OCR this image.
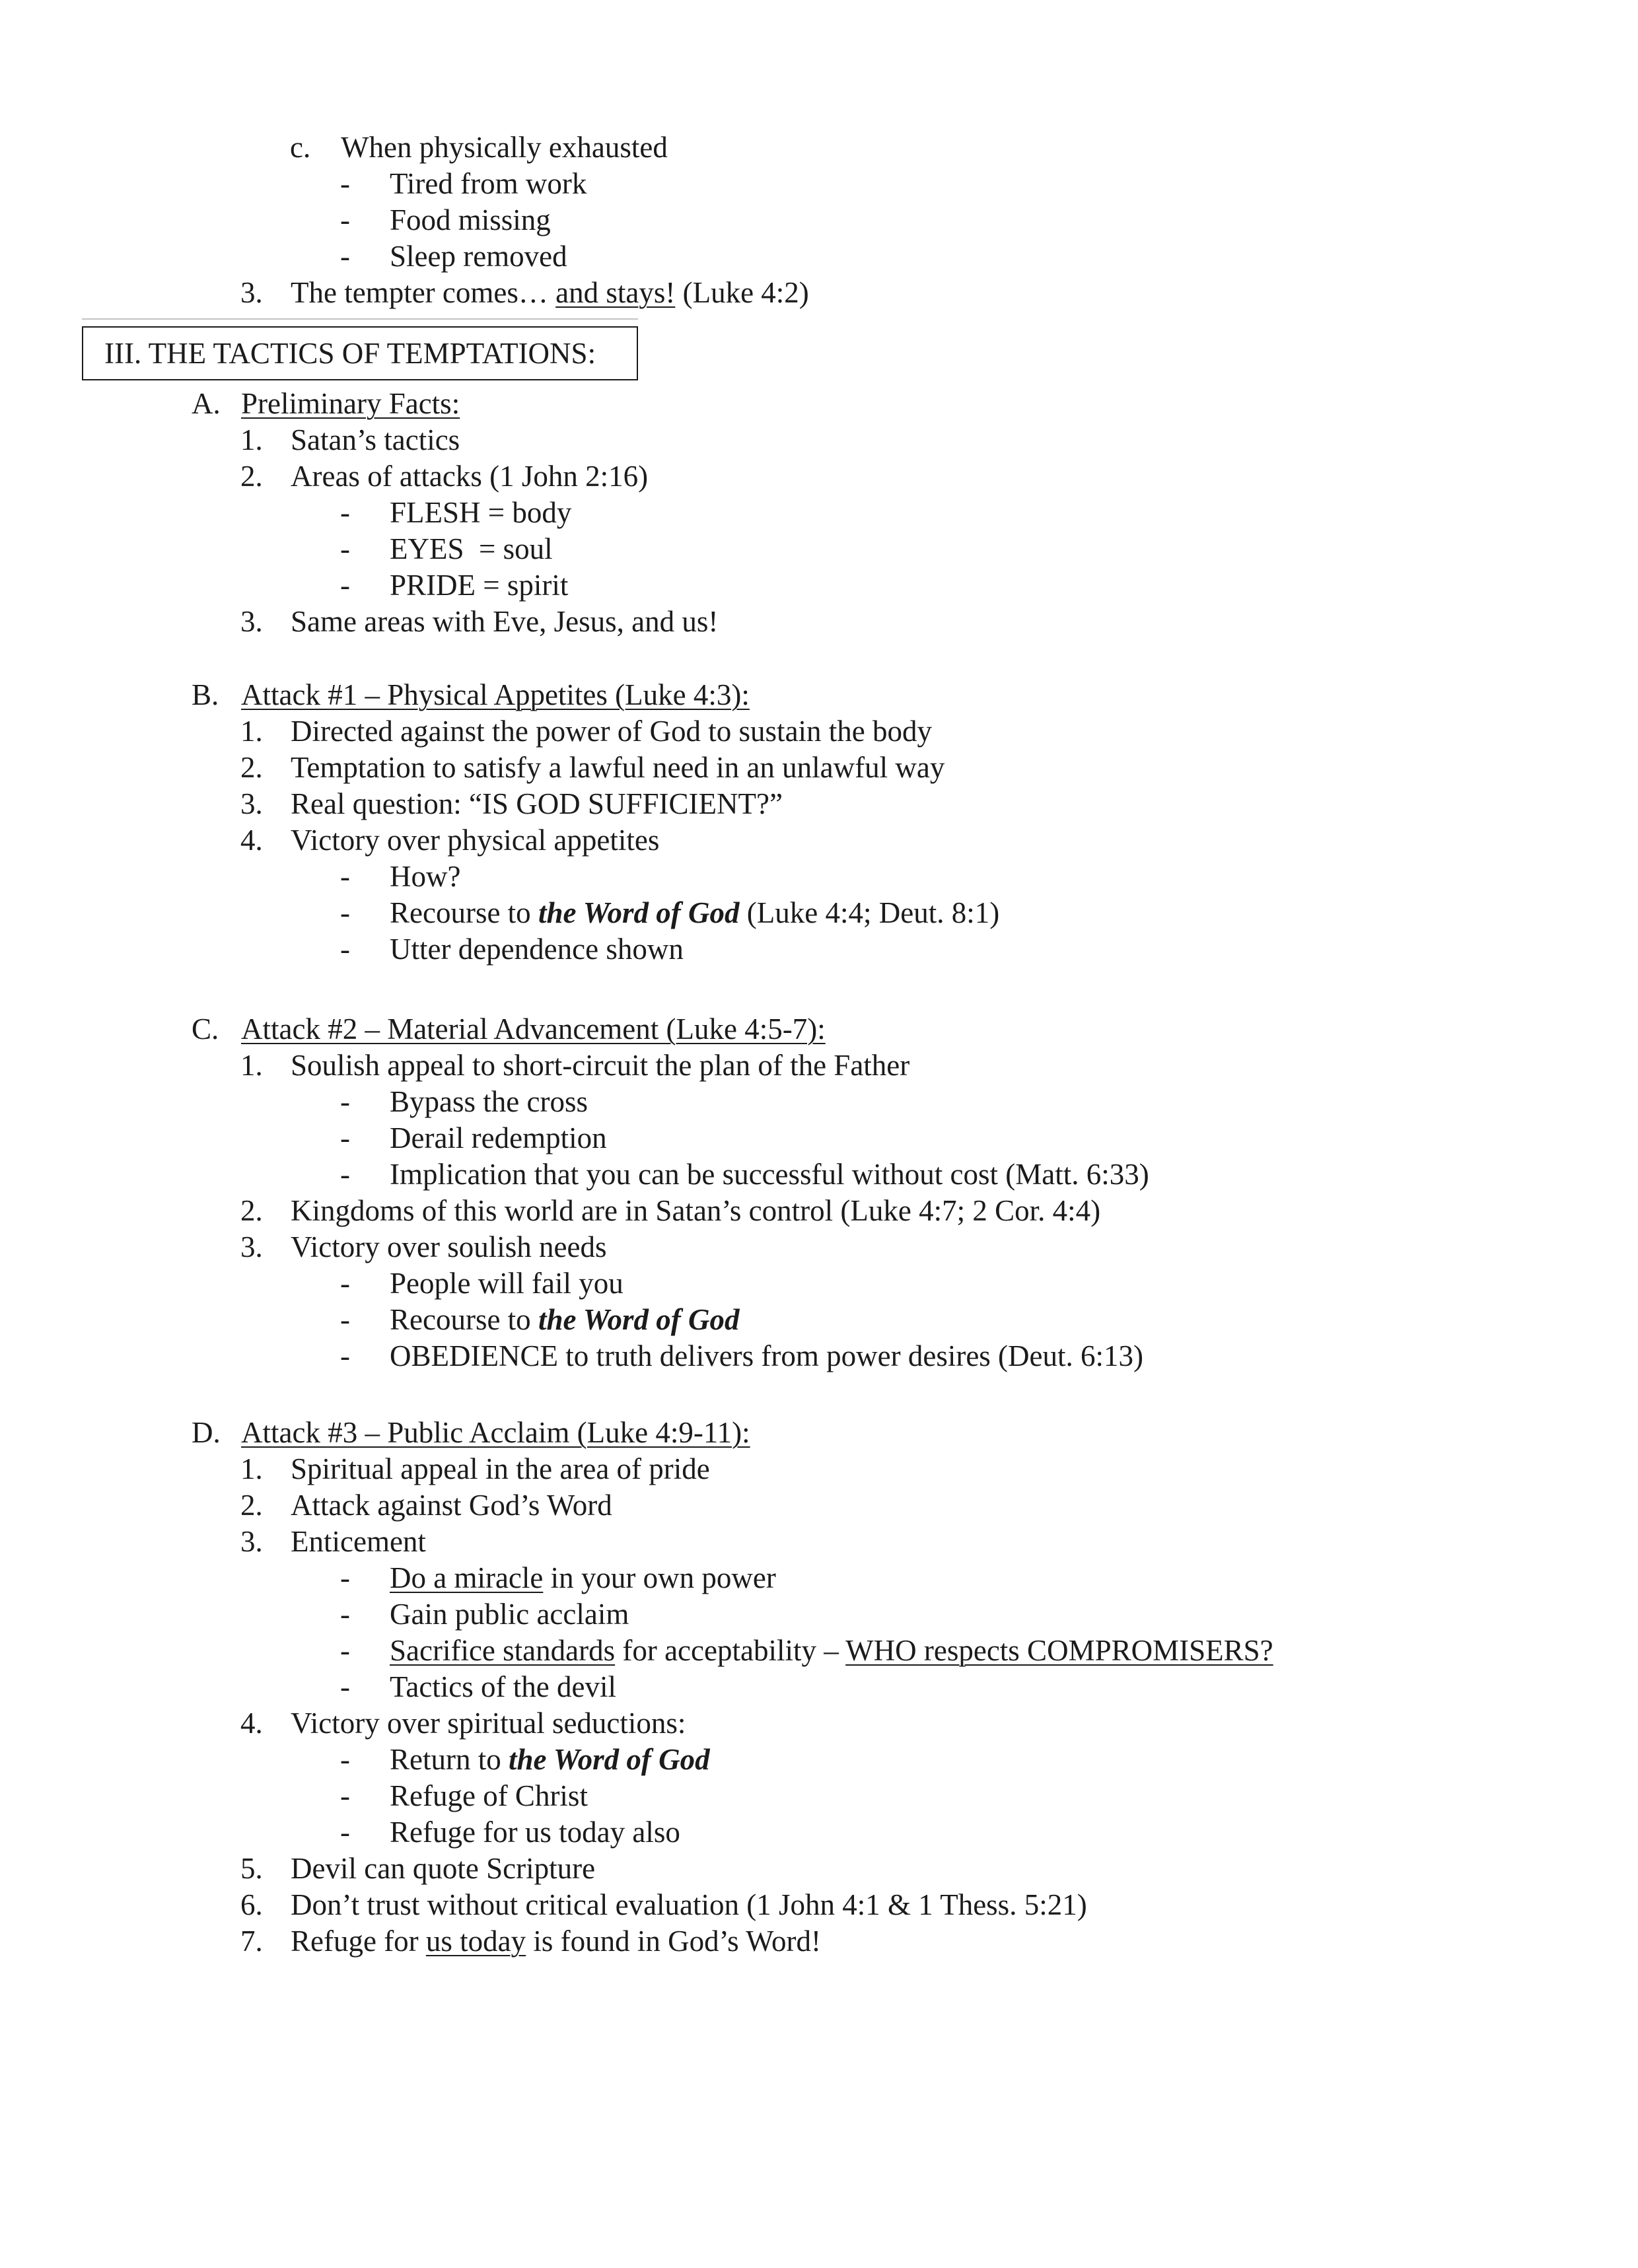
c. When physically exhausted
- Tired from work
- Food missing
- Sleep removed
3. The tempter comes… and stays! (Luke 4:2)
III. THE TACTICS OF TEMPTATIONS:
A. Preliminary Facts:
1. Satan’s tactics
2. Areas of attacks (1 John 2:16)
- FLESH = body
- EYES  = soul
- PRIDE = spirit
3. Same areas with Eve, Jesus, and us!
B. Attack #1 – Physical Appetites (Luke 4:3):
1. Directed against the power of God to sustain the body
2. Temptation to satisfy a lawful need in an unlawful way
3. Real question: “IS GOD SUFFICIENT?”
4. Victory over physical appetites
- How?
- Recourse to the Word of God (Luke 4:4; Deut. 8:1)
- Utter dependence shown
C. Attack #2 – Material Advancement (Luke 4:5-7):
1. Soulish appeal to short-circuit the plan of the Father
- Bypass the cross
- Derail redemption
- Implication that you can be successful without cost (Matt. 6:33)
2. Kingdoms of this world are in Satan’s control (Luke 4:7; 2 Cor. 4:4)
3. Victory over soulish needs
- People will fail you
- Recourse to the Word of God
- OBEDIENCE to truth delivers from power desires (Deut. 6:13)
D. Attack #3 – Public Acclaim (Luke 4:9-11):
1. Spiritual appeal in the area of pride
2. Attack against God’s Word
3. Enticement
- Do a miracle in your own power
- Gain public acclaim
- Sacrifice standards for acceptability – WHO respects COMPROMISERS?
- Tactics of the devil
4. Victory over spiritual seductions:
- Return to the Word of God
- Refuge of Christ
- Refuge for us today also
5. Devil can quote Scripture
6. Don’t trust without critical evaluation (1 John 4:1 & 1 Thess. 5:21)
7. Refuge for us today is found in God’s Word!
